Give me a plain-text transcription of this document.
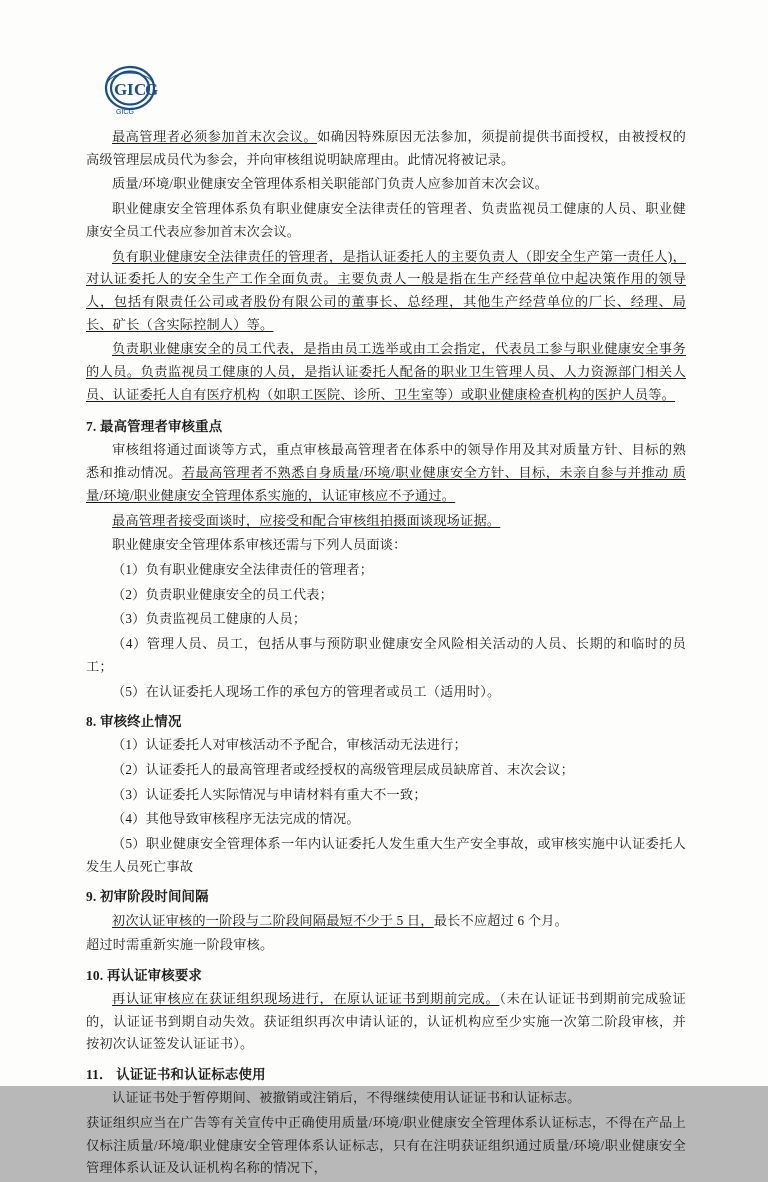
G I C
G
GICG

最高管理者必须参加首末次会议。如确因特殊原因无法参加，须提前提供书面授权，由被授权的高级管理层成员代为参会，并向审核组说明缺席理由。此情况将被记录。

质量/环境/职业健康安全管理体系相关职能部门负责人应参加首末次会议。

职业健康安全管理体系负有职业健康安全法律责任的管理者、负责监视员工健康的人员、职业健康安全员工代表应参加首末次会议。

负有职业健康安全法律责任的管理者，是指认证委托人的主要负责人（即安全生产第一责任人)，对认证委托人的安全生产工作全面负责。主要负责人一般是指在生产经营单位中起决策作用的领导人，包括有限责任公司或者股份有限公司的董事长、总经理，其他生产经营单位的厂长、经理、局长、矿长（含实际控制人）等。

负责职业健康安全的员工代表，是指由员工选举或由工会指定，代表员工参与职业健康安全事务的人员。负责监视员工健康的人员，是指认证委托人配备的职业卫生管理人员、人力资源部门相关人员、认证委托人自有医疗机构（如职工医院、诊所、卫生室等）或职业健康检查机构的医护人员等。

7. 最高管理者审核重点

审核组将通过面谈等方式，重点审核最高管理者在体系中的领导作用及其对质量方针、目标的熟悉和推动情况。若最高管理者不熟悉自身质量/环境/职业健康安全方针、目标，未亲自参与并推动 质量/环境/职业健康安全管理体系实施的，认证审核应不予通过。

最高管理者接受面谈时，应接受和配合审核组拍摄面谈现场证据。

职业健康安全管理体系审核还需与下列人员面谈：

（1）负有职业健康安全法律责任的管理者；

（2）负责职业健康安全的员工代表；

（3）负责监视员工健康的人员；

（4）管理人员、员工，包括从事与预防职业健康安全风险相关活动的人员、长期的和临时的员工；

（5）在认证委托人现场工作的承包方的管理者或员工（适用时）。

8. 审核终止情况

（1）认证委托人对审核活动不予配合，审核活动无法进行；

（2）认证委托人的最高管理者或经授权的高级管理层成员缺席首、末次会议；

（3）认证委托人实际情况与申请材料有重大不一致；

（4）其他导致审核程序无法完成的情况。

（5）职业健康安全管理体系一年内认证委托人发生重大生产安全事故，或审核实施中认证委托人发生人员死亡事故

9. 初审阶段时间间隔

初次认证审核的一阶段与二阶段间隔最短不少于 5 日，最长不应超过 6 个月。

超过时需重新实施一阶段审核。

10. 再认证审核要求

再认证审核应在获证组织现场进行，在原认证证书到期前完成。（未在认证证书到期前完成验证的，认证证书到期自动失效。获证组织再次申请认证的，认证机构应至少实施一次第二阶段审核，并按初次认证签发认证证书）。

11． 认证证书和认证标志使用

认证证书处于暂停期间、被撤销或注销后，不得继续使用认证证书和认证标志。

获证组织应当在广告等有关宣传中正确使用质量/环境/职业健康安全管理体系认证标志，不得在产品上仅标注质量/环境/职业健康安全管理体系认证标志，只有在注明获证组织通过质量/环境/职业健康安全管理体系认证及认证机构名称的情况下，
